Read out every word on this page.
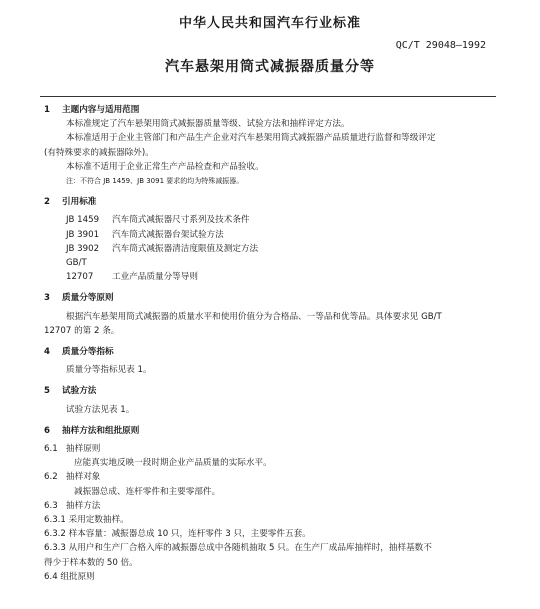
中华人民共和国汽车行业标准
QC/T 29048—1992
汽车悬架用筒式减振器质量分等
1 主题内容与适用范围

本标准规定了汽车悬架用筒式减振器质量等级、试验方法和抽样评定方法。

本标准适用于企业主管部门和产品生产企业对汽车悬架用筒式减振器产品质量进行监督和等级评定

(有特殊要求的减振器除外)。

本标准不适用于企业正常生产产品检查和产品验收。

注：不符合 JB 1459、JB 3091 要求的均为特殊减振器。

2 引用标准
JB 1459 汽车筒式减振器尺寸系列及技术条件
JB 3901 汽车筒式减振器台架试验方法
JB 3902 汽车筒式减振器清洁度限值及测定方法
GB/T 12707 工业产品质量分等导则
3 质量分等原则

根据汽车悬架用筒式减振器的质量水平和使用价值分为合格品、一等品和优等品。具体要求见 GB/T

12707 的第 2 条。

4 质量分等指标

质量分等指标见表 1。

5 试验方法

试验方法见表 1。

6 抽样方法和组批原则

6.1 抽样原则

应能真实地反映一段时期企业产品质量的实际水平。

6.2 抽样对象

减振器总成、连杆零件和主要零部件。

6.3 抽样方法

6.3.1 采用定数抽样。

6.3.2 样本容量：减振器总成 10 只，连杆零件 3 只，主要零件五套。

6.3.3 从用户和生产厂合格入库的减振器总成中各随机抽取 5 只。在生产厂成品库抽样时，抽样基数不

得少于样本数的 50 倍。

6.4 组批原则
